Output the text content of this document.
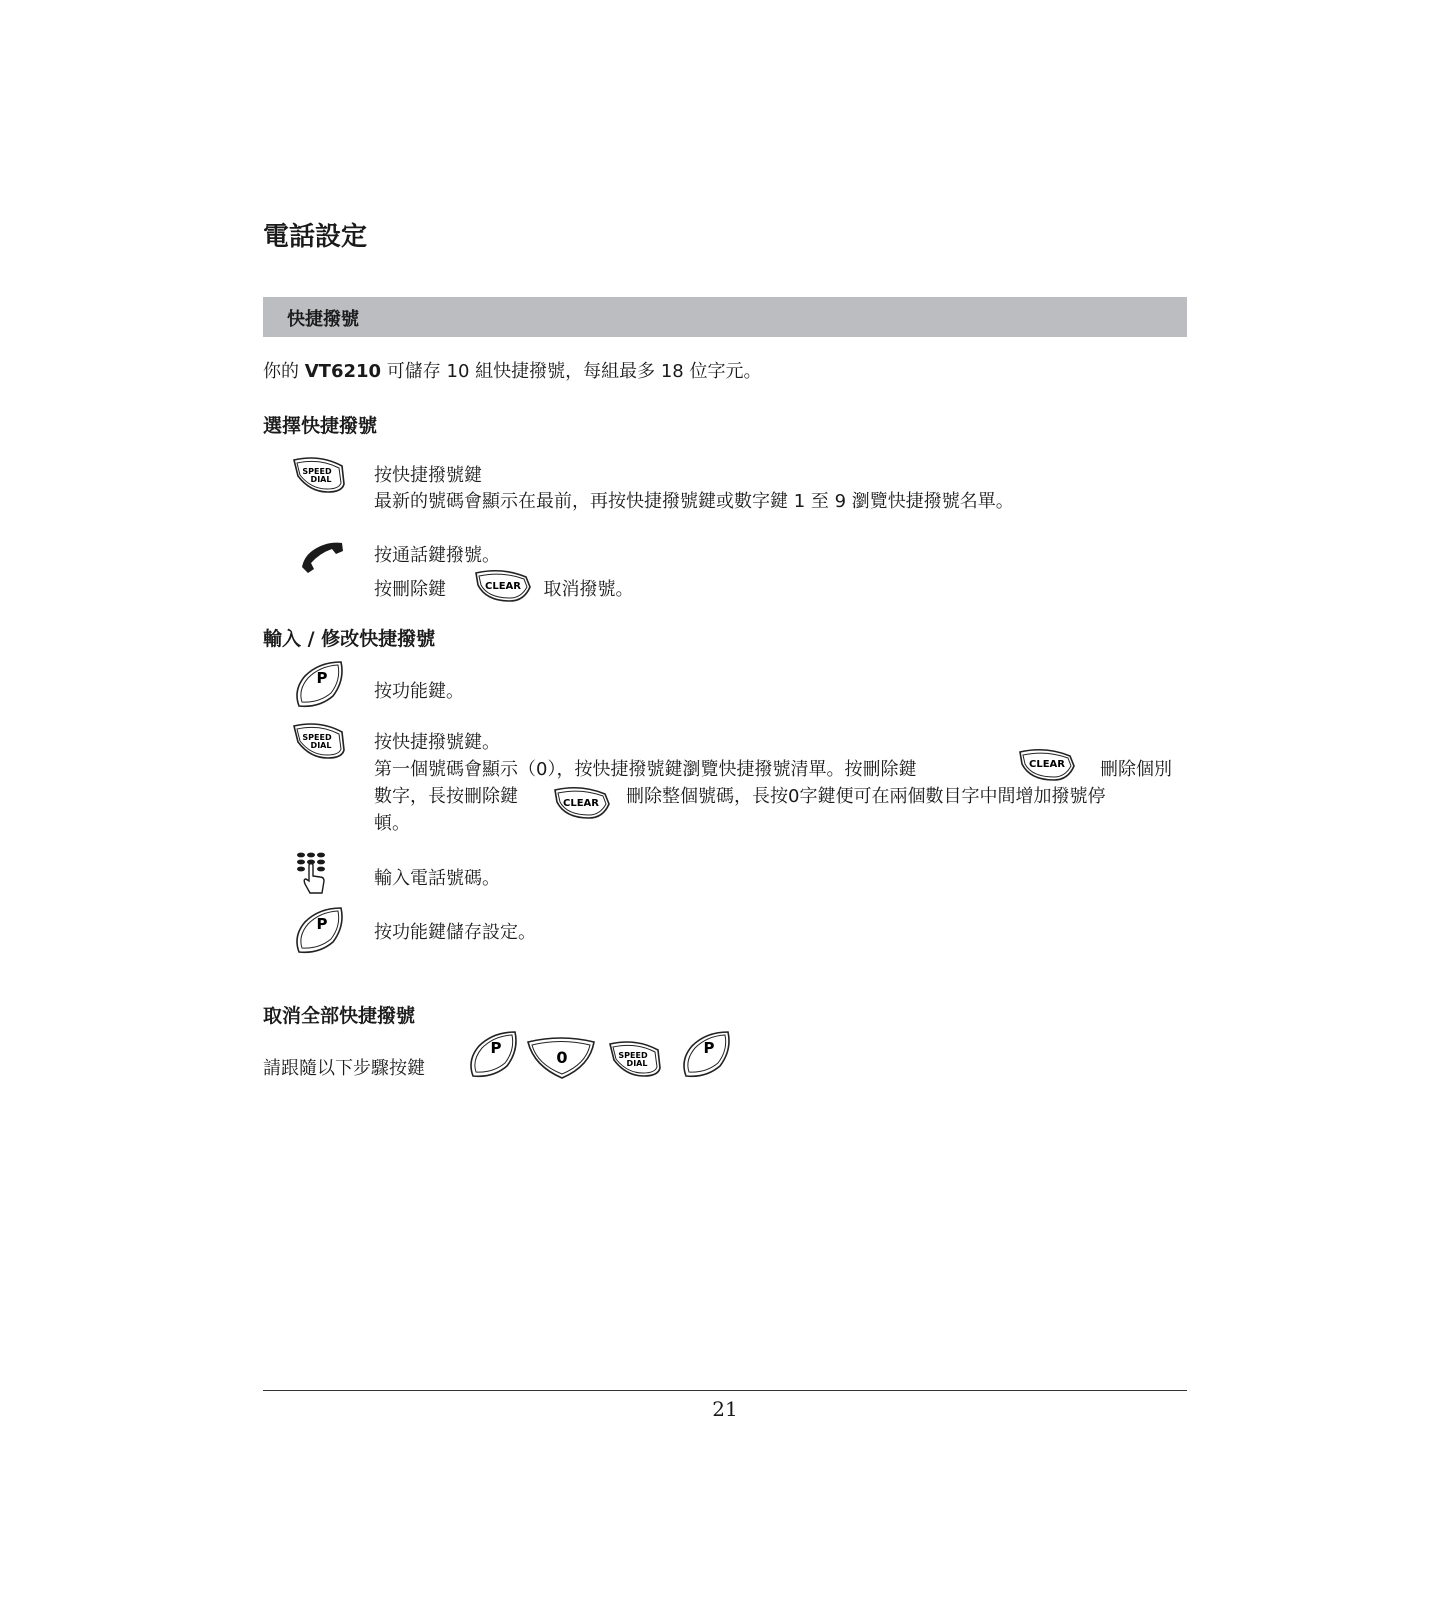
電話設定
快捷撥號
你的 VT6210 可儲存 10 組快捷撥號，每組最多 18 位字元。
選擇快捷撥號
SPEED
DIAL 按快捷撥號鍵
最新的號碼會顯示在最前，再按快捷撥號鍵或數字鍵 1 至 9 瀏覽快捷撥號名單。
按通話鍵撥號。
按刪除鍵	CLEAR 取消撥號。
輸入 / 修改快捷撥號
P
按功能鍵。
SPEED
DIAL 按快捷撥號鍵。
第一個號碼會顯示（0），按快捷撥號鍵瀏覽快捷撥號清單。按刪除鍵	CLEAR 刪除個別
數字，長按刪除鍵	CLEAR 刪除整個號碼，長按0字鍵便可在兩個數目字中間增加撥號停
頓。
輸入電話號碼。
P	按功能鍵儲存設定。
取消全部快捷撥號
請跟隨以下步驟按鍵
P	0	SPEED
DIAL
P
21
